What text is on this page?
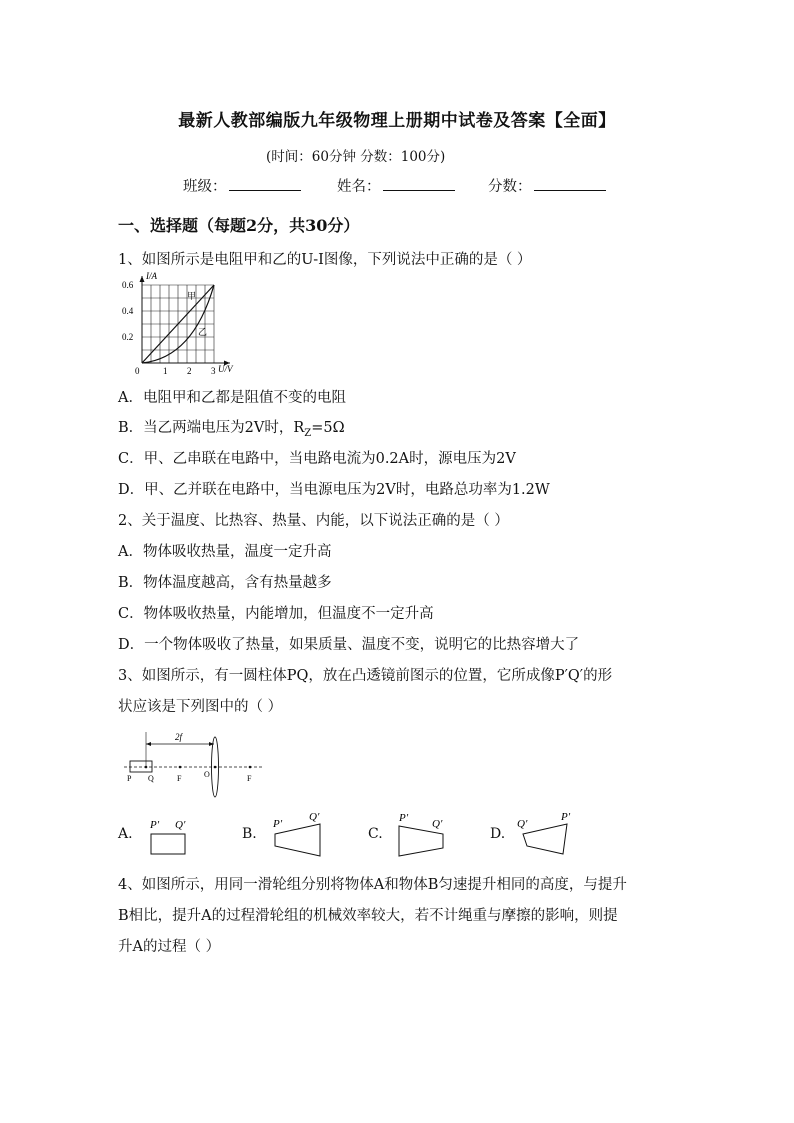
最新人教部编版九年级物理上册期中试卷及答案【全面】
(时间：60分钟 分数：100分)
班级：	姓名：	分数：
一、选择题（每题2分，共30分）
1、如图所示是电阻甲和乙的U-I图像，下列说法中正确的是（ ）
I/A
U/V
0.6
0.4
0.2
0	1 2 3
甲
乙
A．电阻甲和乙都是阻值不变的电阻
B．当乙两端电压为2V时，$R_Z=5\Omega$
C．甲、乙串联在电路中，当电路电流为0.2A时，源电压为2V
D．甲、乙并联在电路中，当电源电压为2V时，电路总功率为1.2W
2、关于温度、比热容、热量、内能，以下说法正确的是（ ）
A．物体吸收热量，温度一定升高
B．物体温度越高，含有热量越多
C．物体吸收热量，内能增加，但温度不一定升高
D．一个物体吸收了热量，如果质量、温度不变，说明它的比热容增大了
3、如图所示，有一圆柱体PQ，放在凸透镜前图示的位置，它所成像P′Q′的形
状应该是下列图中的（ ）
2f
P Q	F	O	F
A.
P′ Q′
B.
P′
Q′
C.
P′ Q′
D.
Q′
P′
4、如图所示，用同一滑轮组分别将物体A和物体B匀速提升相同的高度，与提升
B相比，提升A的过程滑轮组的机械效率较大，若不计绳重与摩擦的影响，则提
升A的过程（ ）
